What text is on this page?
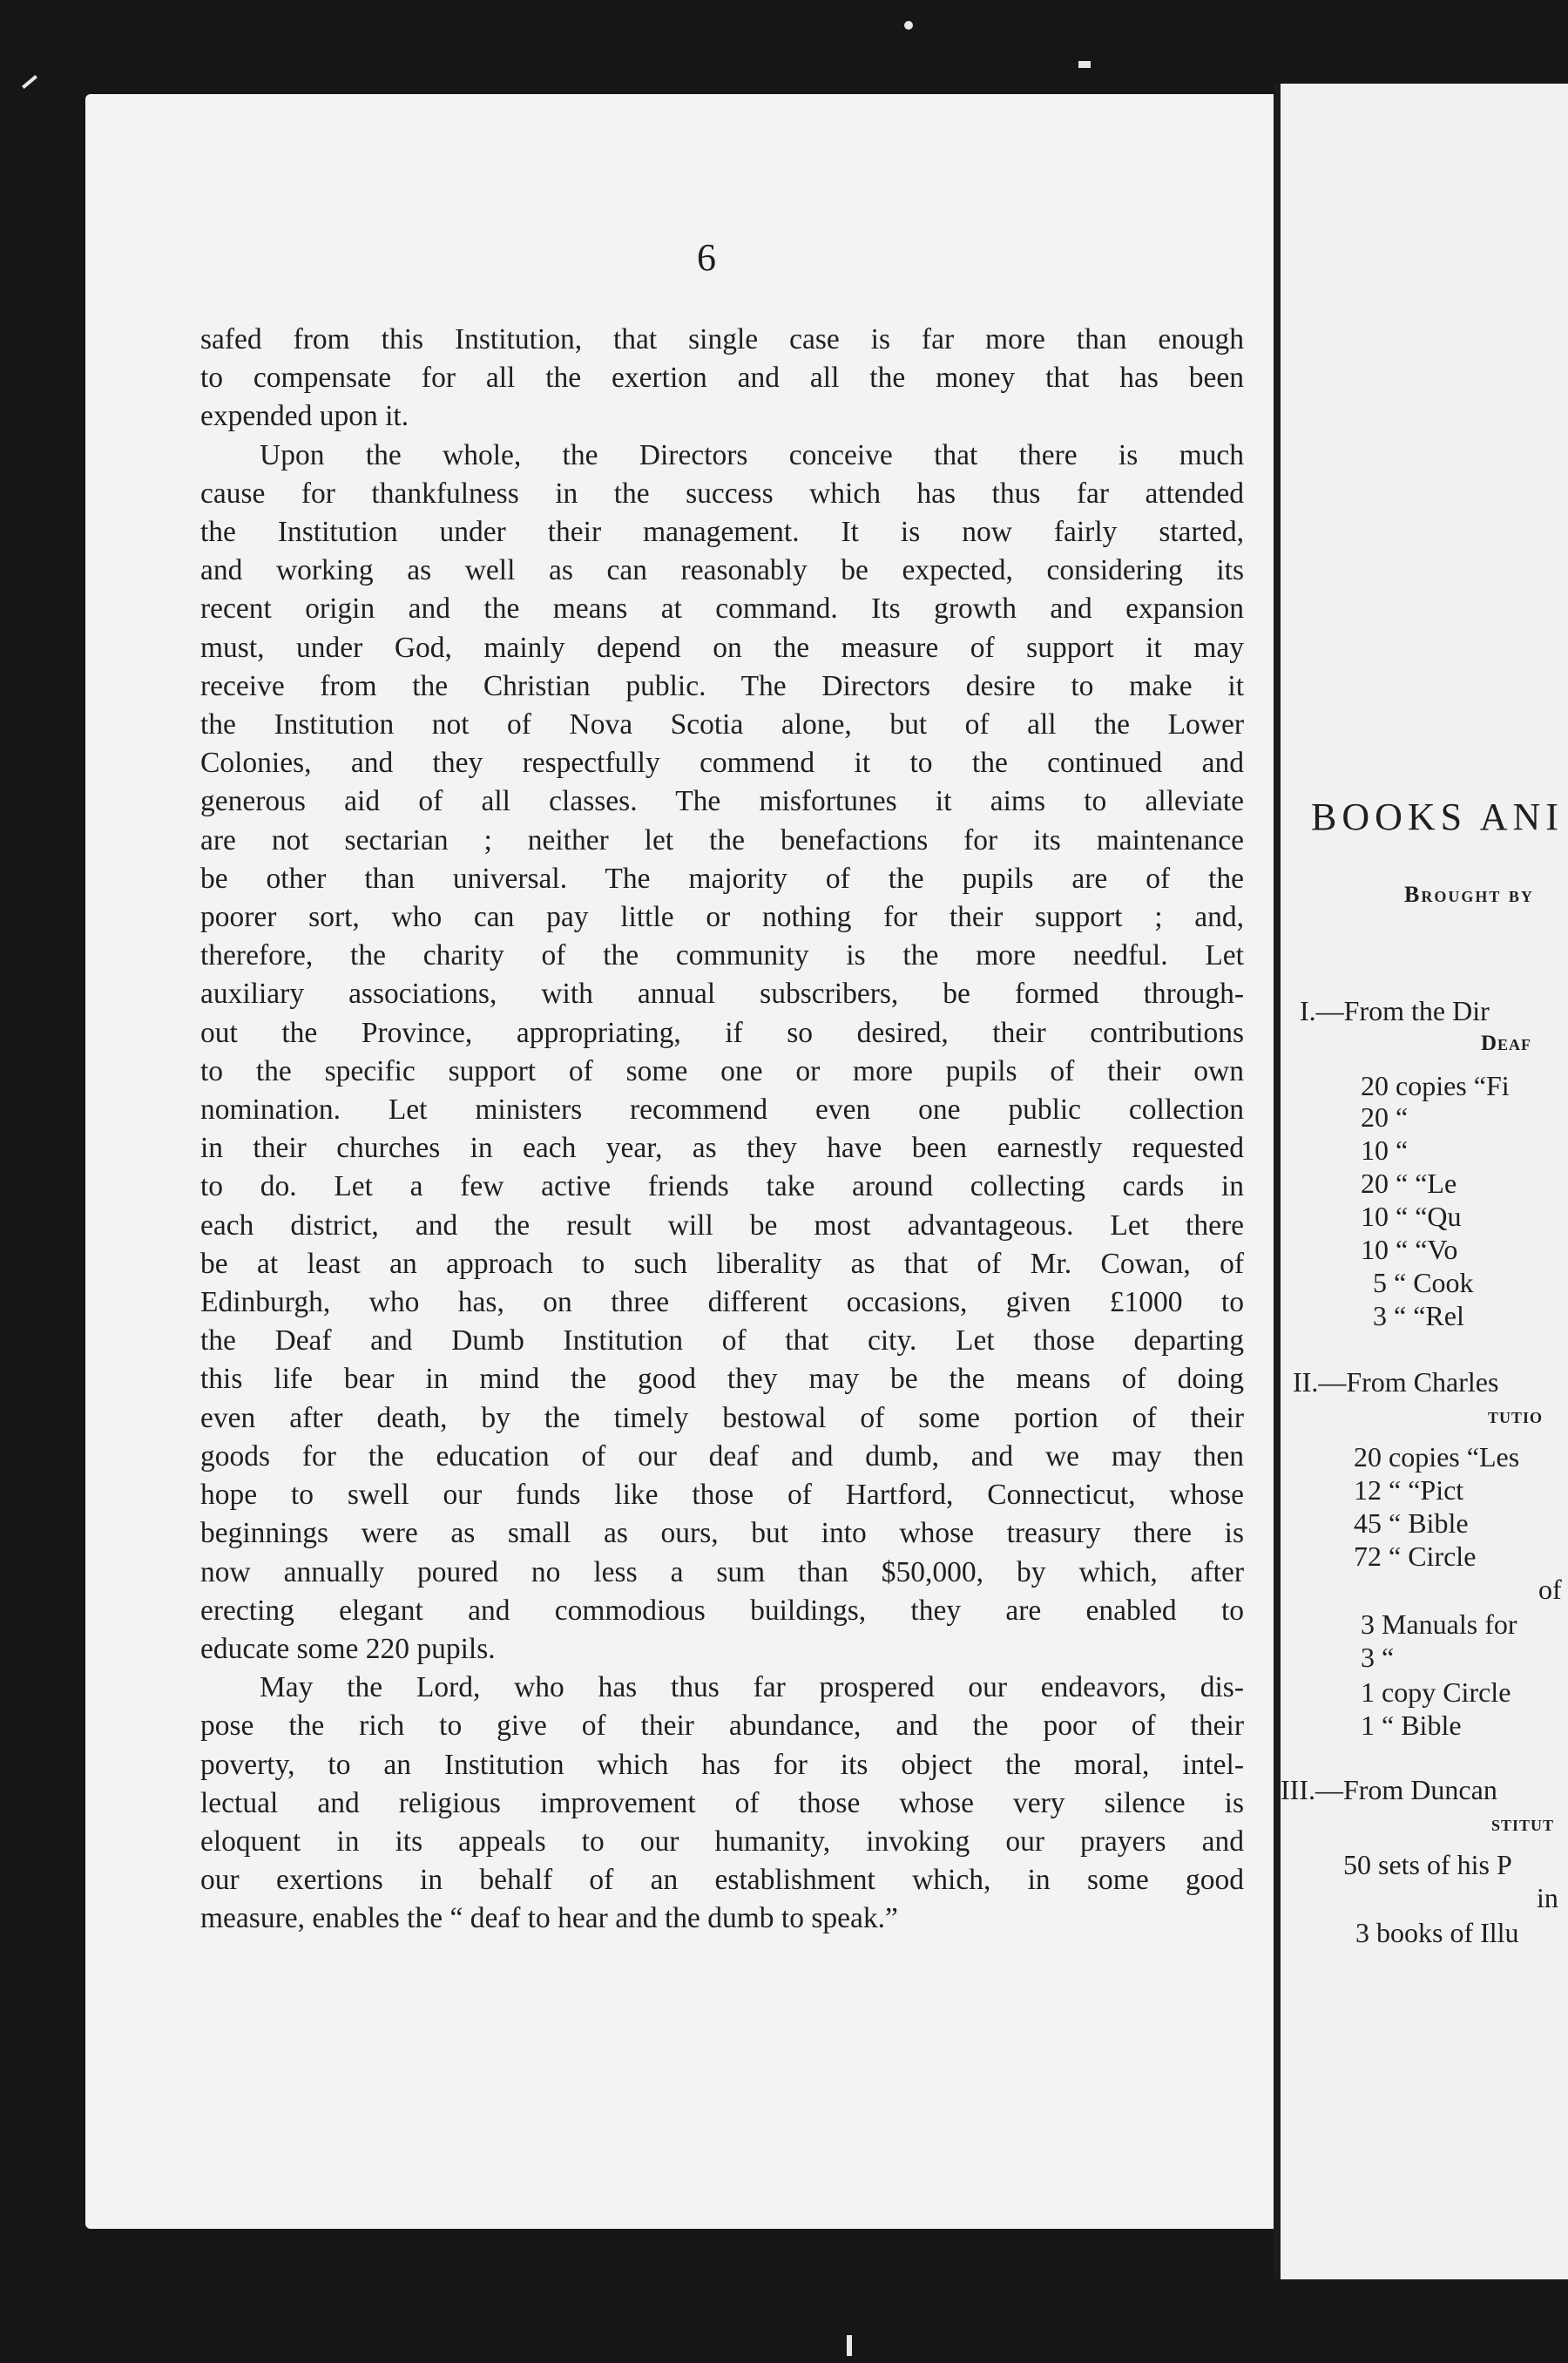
6
safed from this Institution, that single case is far more than enough
to compensate for all the exertion and all the money that has been
expended upon it.
Upon the whole, the Directors conceive that there is much
cause for thankfulness in the success which has thus far attended
the Institution under their management. It is now fairly started,
and working as well as can reasonably be expected, considering its
recent origin and the means at command. Its growth and expansion
must, under God, mainly depend on the measure of support it may
receive from the Christian public. The Directors desire to make it
the Institution not of Nova Scotia alone, but of all the Lower
Colonies, and they respectfully commend it to the continued and
generous aid of all classes. The misfortunes it aims to alleviate
are not sectarian ; neither let the benefactions for its maintenance
be other than universal. The majority of the pupils are of the
poorer sort, who can pay little or nothing for their support ; and,
therefore, the charity of the community is the more needful. Let
auxiliary associations, with annual subscribers, be formed through-
out the Province, appropriating, if so desired, their contributions
to the specific support of some one or more pupils of their own
nomination. Let ministers recommend even one public collection
in their churches in each year, as they have been earnestly requested
to do. Let a few active friends take around collecting cards in
each district, and the result will be most advantageous. Let there
be at least an approach to such liberality as that of Mr. Cowan, of
Edinburgh, who has, on three different occasions, given £1000 to
the Deaf and Dumb Institution of that city. Let those departing
this life bear in mind the good they may be the means of doing
even after death, by the timely bestowal of some portion of their
goods for the education of our deaf and dumb, and we may then
hope to swell our funds like those of Hartford, Connecticut, whose
beginnings were as small as ours, but into whose treasury there is
now annually poured no less a sum than $50,000, by which, after
erecting elegant and commodious buildings, they are enabled to
educate some 220 pupils.
May the Lord, who has thus far prospered our endeavors, dis-
pose the rich to give of their abundance, and the poor of their
poverty, to an Institution which has for its object the moral, intel-
lectual and religious improvement of those whose very silence is
eloquent in its appeals to our humanity, invoking our prayers and
our exertions in behalf of an establishment which, in some good
measure, enables the “ deaf to hear and the dumb to speak.”
BOOKS ANI
Brought by
I.—From the Dir
Deaf
20 copies “Fi
20 “
10 “
20 “ “Le
10 “ “Qu
10 “ “Vo
5 “ Cook
3 “ “Rel
II.—From Charles
tutio
20 copies “Les
12 “ “Pict
45 “ Bible
72 “ Circle
of
3 Manuals for
3 “
1 copy Circle
1 “ Bible
III.—From Duncan
stitut
50 sets of his P
in
3 books of Illu
